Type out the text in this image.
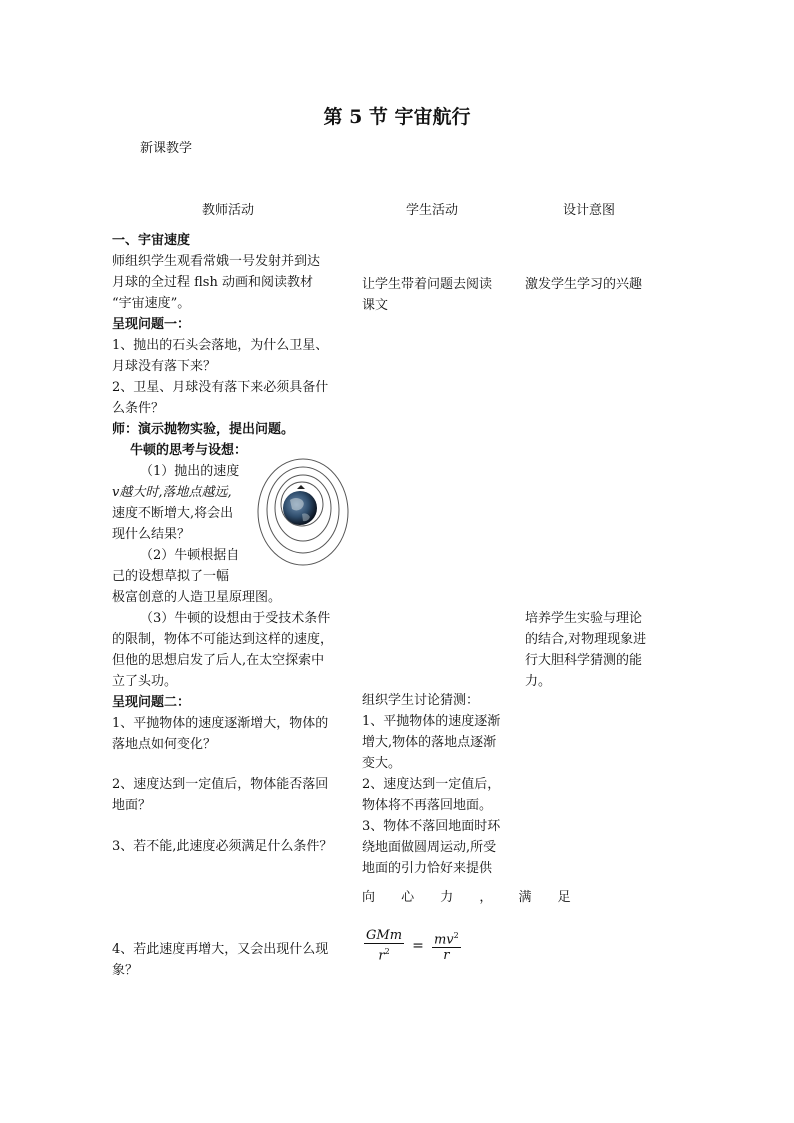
第 5 节 宇宙航行
新课教学
教师活动	学生活动	设计意图
一、宇宙速度
师组织学生观看常娥一号发射并到达
月球的全过程 flsh 动画和阅读教材
“宇宙速度”。
呈现问题一：
1、抛出的石头会落地，为什么卫星、
月球没有落下来？
2、卫星、月球没有落下来必须具备什
么条件？
师：演示抛物实验，提出问题。
牛顿的思考与设想：
（1）抛出的速度
v越大时,落地点越远,
速度不断增大,将会出
现什么结果？
（2）牛顿根据自
己的设想草拟了一幅
极富创意的人造卫星原理图。
（3）牛顿的设想由于受技术条件
的限制，物体不可能达到这样的速度，
但他的思想启发了后人,在太空探索中
立了头功。
呈现问题二：
1、平抛物体的速度逐渐增大，物体的
落地点如何变化？
2、速度达到一定值后，物体能否落回
地面？
3、若不能,此速度必须满足什么条件？
4、若此速度再增大，又会出现什么现
象？
让学生带着问题去阅读
课文
组织学生讨论猜测：
1、平抛物体的速度逐渐
增大,物体的落地点逐渐
变大。
2、速度达到一定值后，
物体将不再落回地面。
3、物体不落回地面时环
绕地面做圆周运动,所受
地面的引力恰好来提供
向 心 力 ， 满 足
$\frac{\text{GMm}}{r^2} = \frac{mv^2}{r}$
激发学生学习的兴趣
培养学生实验与理论
的结合,对物理现象进
行大胆科学猜测的能
力。
